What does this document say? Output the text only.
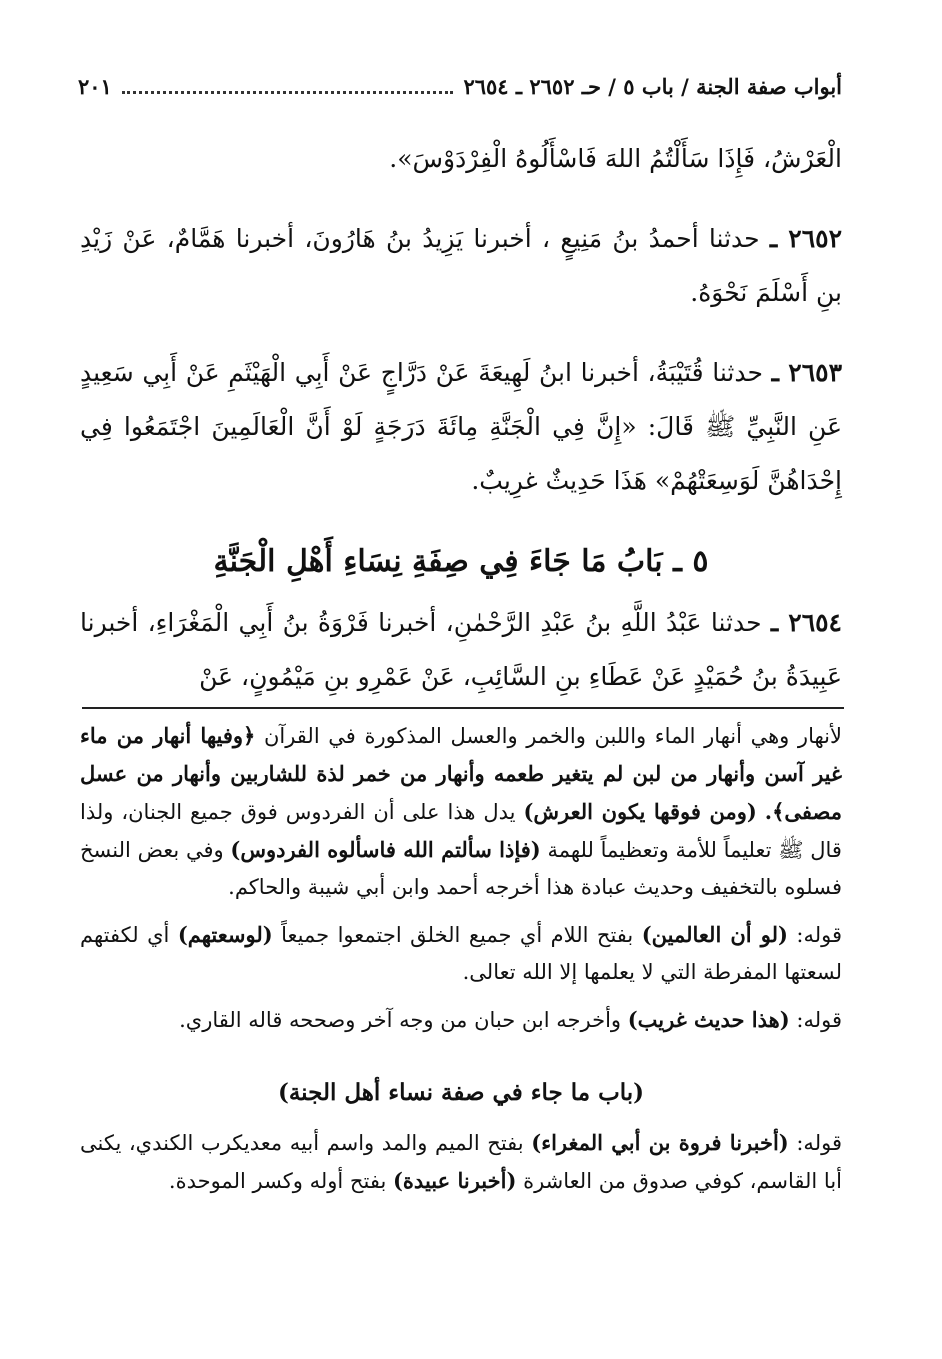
أبواب صفة الجنة / باب ٥ / حـ ٢٦٥٢ ـ ٢٦٥٤
٢٠١

الْعَرْشُ، فَإِذَا سَأَلْتُمُ اللهَ فَاسْأَلُوهُ الْفِرْدَوْسَ».

٢٦٥٢ ـ حدثنا أحمدُ بنُ مَنِيعٍ ، أخبرنا يَزِيدُ بنُ هَارُونَ، أخبرنا هَمَّامٌ، عَنْ زَيْدِ بنِ أَسْلَمَ نَحْوَهُ.

٢٦٥٣ ـ حدثنا قُتَيْبَةُ، أخبرنا ابنُ لَهِيعَةَ عَنْ دَرَّاجٍ عَنْ أَبِي الْهَيْثَمِ عَنْ أَبِي سَعِيدٍ عَنِ النَّبِيِّ ﷺ قَالَ: «إِنَّ فِي الْجَنَّةِ مِائَةَ دَرَجَةٍ لَوْ أَنَّ الْعَالَمِينَ اجْتَمَعُوا فِي إِحْدَاهُنَّ لَوَسِعَتْهُمْ» هَذَا حَدِيثٌ غرِيبٌ.

٥ ـ بَابُ مَا جَاءَ فِي صِفَةِ نِسَاءِ أَهْلِ الْجَنَّةِ

٢٦٥٤ ـ حدثنا عَبْدُ اللَّهِ بنُ عَبْدِ الرَّحْمٰنِ، أخبرنا فَرْوَةُ بنُ أَبِي الْمَغْرَاءِ، أخبرنا عَبِيدَةُ بنُ حُمَيْدٍ عَنْ عَطَاءِ بنِ السَّائِبِ، عَنْ عَمْرِو بنِ مَيْمُونٍ، عَنْ

لأنهار وهي أنهار الماء واللبن والخمر والعسل المذكورة في القرآن ﴿وفيها أنهار من ماء غير آسن وأنهار من لبن لم يتغير طعمه وأنهار من خمر لذة للشاربين وأنهار من عسل مصفى﴾. (ومن فوقها يكون العرش) يدل هذا على أن الفردوس فوق جميع الجنان، ولذا قال ﷺ تعليماً للأمة وتعظيماً للهمة (فإذا سألتم الله فاسألوه الفردوس) وفي بعض النسخ فسلوه بالتخفيف وحديث عبادة هذا أخرجه أحمد وابن أبي شيبة والحاكم.

قوله: (لو أن العالمين) بفتح اللام أي جميع الخلق اجتمعوا جميعاً (لوسعتهم) أي لكفتهم لسعتها المفرطة التي لا يعلمها إلا الله تعالى.

قوله: (هذا حديث غريب) وأخرجه ابن حبان من وجه آخر وصححه قاله القاري.

(باب ما جاء في صفة نساء أهل الجنة)

قوله: (أخبرنا فروة بن أبي المغراء) بفتح الميم والمد واسم أبيه معديكرب الكندي، يكنى أبا القاسم، كوفي صدوق من العاشرة (أخبرنا عبيدة) بفتح أوله وكسر الموحدة.
